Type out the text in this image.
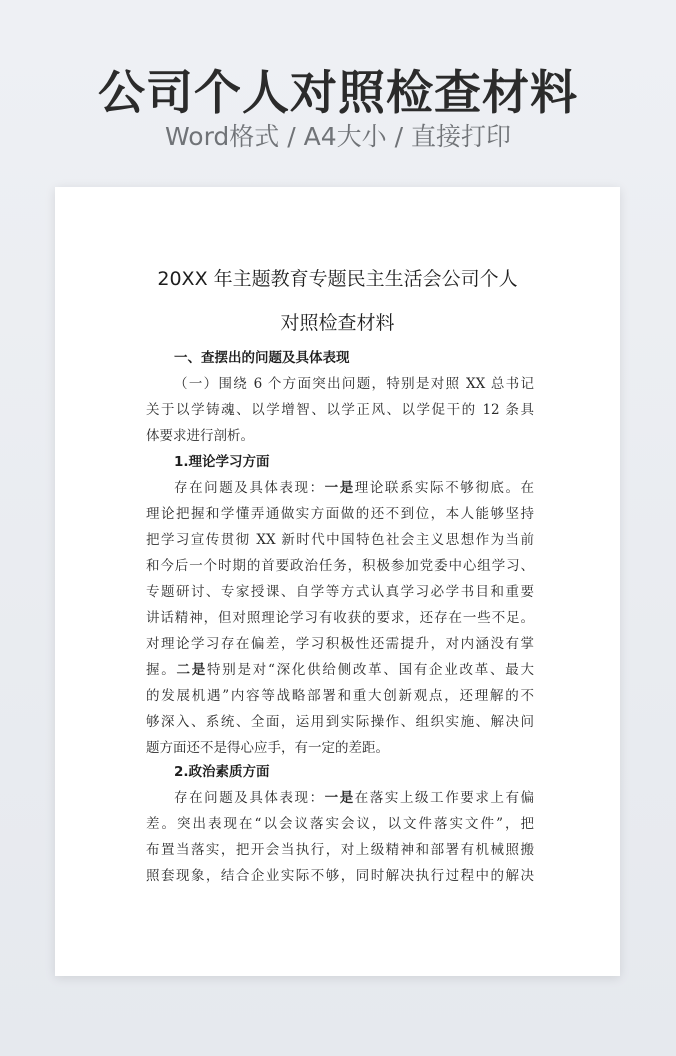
公司个人对照检查材料
Word格式 / A4大小 / 直接打印
20XX 年主题教育专题民主生活会公司个人
对照检查材料
一、查摆出的问题及具体表现
（一）围绕 6 个方面突出问题，特别是对照 XX 总书记
关于以学铸魂、以学增智、以学正风、以学促干的 12 条具
体要求进行剖析。
1.理论学习方面
存在问题及具体表现：一是理论联系实际不够彻底。在
理论把握和学懂弄通做实方面做的还不到位，本人能够坚持
把学习宣传贯彻 XX 新时代中国特色社会主义思想作为当前
和今后一个时期的首要政治任务，积极参加党委中心组学习、
专题研讨、专家授课、自学等方式认真学习必学书目和重要
讲话精神，但对照理论学习有收获的要求，还存在一些不足。
对理论学习存在偏差，学习积极性还需提升，对内涵没有掌
握。二是特别是对“深化供给侧改革、国有企业改革、最大
的发展机遇”内容等战略部署和重大创新观点，还理解的不
够深入、系统、全面，运用到实际操作、组织实施、解决问
题方面还不是得心应手，有一定的差距。
2.政治素质方面
存在问题及具体表现：一是在落实上级工作要求上有偏
差。突出表现在“以会议落实会议，以文件落实文件”，把
布置当落实，把开会当执行，对上级精神和部署有机械照搬
照套现象，结合企业实际不够，同时解决执行过程中的解决
